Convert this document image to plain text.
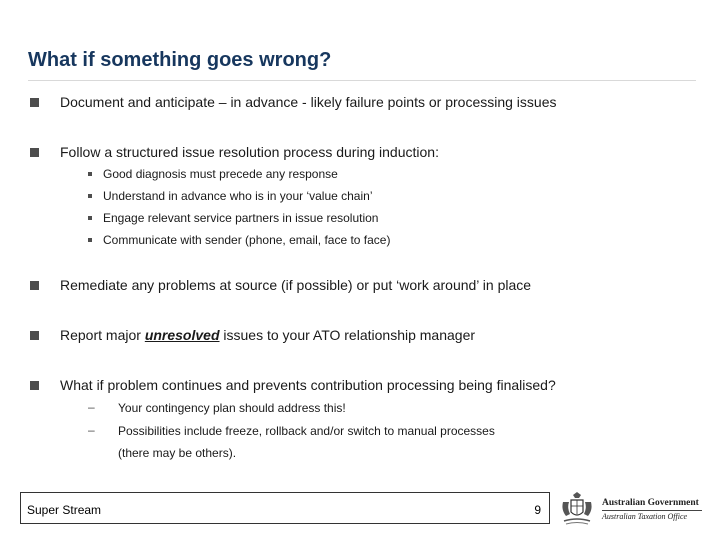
What if something goes wrong?
Document and anticipate – in advance - likely failure points or processing issues
Follow a structured issue resolution process during induction:
Good diagnosis must precede any response
Understand in advance who is in your ‘value chain’
Engage relevant service partners in issue resolution
Communicate with sender (phone, email, face to face)
Remediate any problems at source (if possible) or put ‘work around’ in place
Report major unresolved issues to your ATO relationship manager
What if problem continues and prevents contribution processing being finalised?
– Your contingency plan should address this!
– Possibilities include freeze, rollback and/or switch to manual processes
(there may be others).
Super Stream	9	Australian Government
Australian Taxation Office
